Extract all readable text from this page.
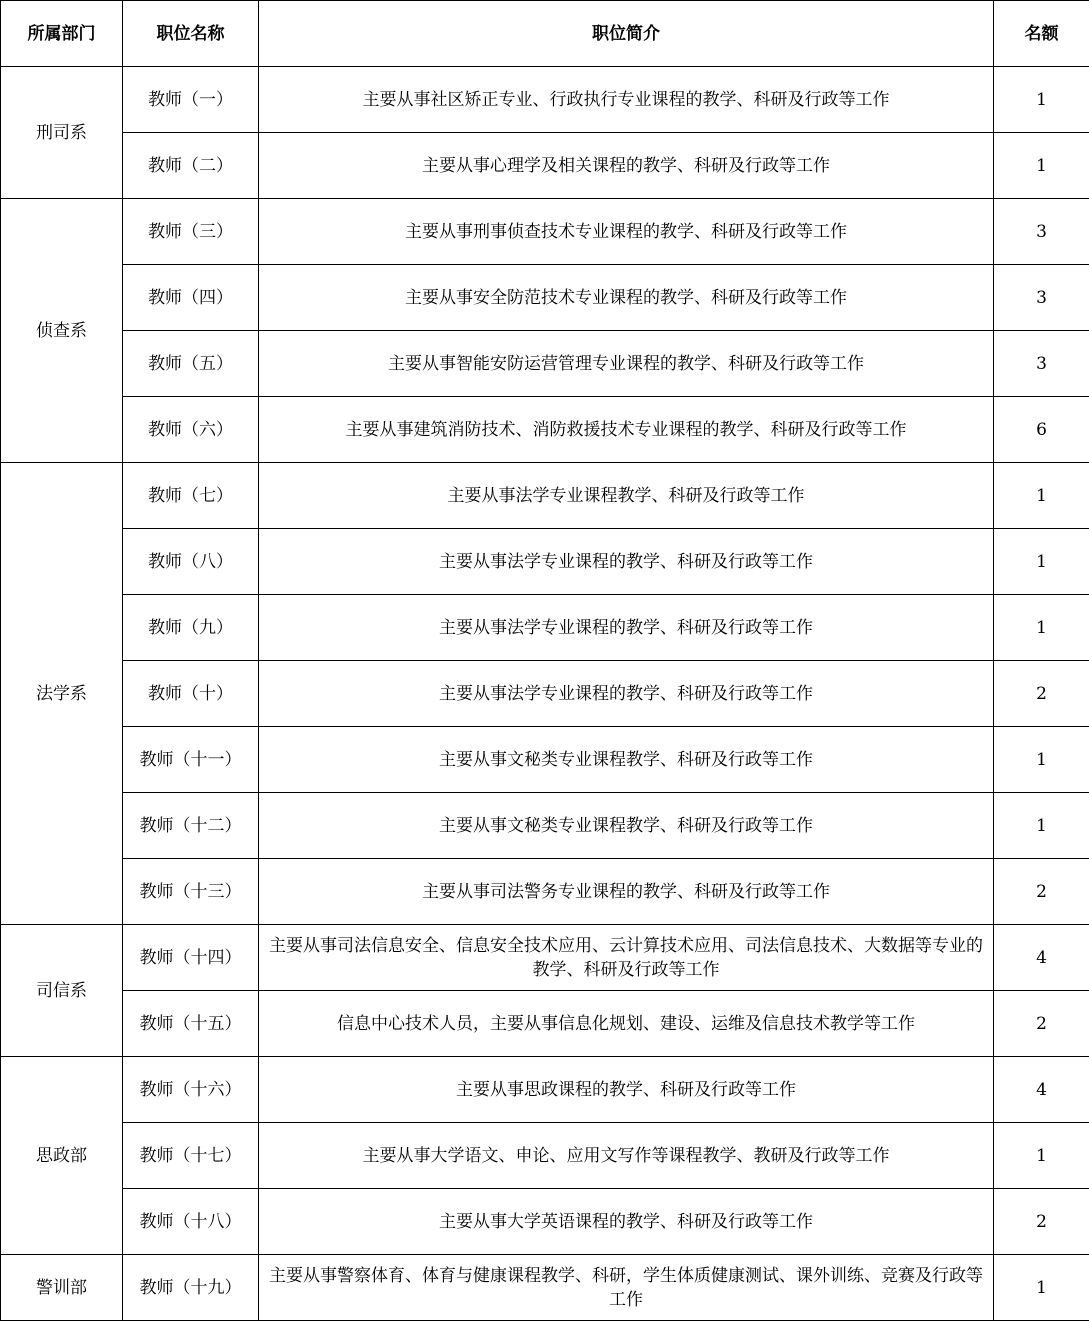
所属部门	职位名称	职位简介	名额
刑司系	教师（一）	主要从事社区矫正专业、行政执行专业课程的教学、科研及行政等工作	1
	教师（二）	主要从事心理学及相关课程的教学、科研及行政等工作	1
侦查系	教师（三）	主要从事刑事侦查技术专业课程的教学、科研及行政等工作	3
	教师（四）	主要从事安全防范技术专业课程的教学、科研及行政等工作	3
	教师（五）	主要从事智能安防运营管理专业课程的教学、科研及行政等工作	3
	教师（六）	主要从事建筑消防技术、消防救援技术专业课程的教学、科研及行政等工作	6
法学系	教师（七）	主要从事法学专业课程教学、科研及行政等工作	1
	教师（八）	主要从事法学专业课程的教学、科研及行政等工作	1
	教师（九）	主要从事法学专业课程的教学、科研及行政等工作	1
	教师（十）	主要从事法学专业课程的教学、科研及行政等工作	2
	教师（十一）	主要从事文秘类专业课程教学、科研及行政等工作	1
	教师（十二）	主要从事文秘类专业课程教学、科研及行政等工作	1
	教师（十三）	主要从事司法警务专业课程的教学、科研及行政等工作	2
司信系	教师（十四）	主要从事司法信息安全、信息安全技术应用、云计算技术应用、司法信息技术、大数据等专业的教学、科研及行政等工作	4
	教师（十五）	信息中心技术人员，主要从事信息化规划、建设、运维及信息技术教学等工作	2
思政部	教师（十六）	主要从事思政课程的教学、科研及行政等工作	4
	教师（十七）	主要从事大学语文、申论、应用文写作等课程教学、教研及行政等工作	1
	教师（十八）	主要从事大学英语课程的教学、科研及行政等工作	2
警训部	教师（十九）	主要从事警察体育、体育与健康课程教学、科研，学生体质健康测试、课外训练、竞赛及行政等工作	1
